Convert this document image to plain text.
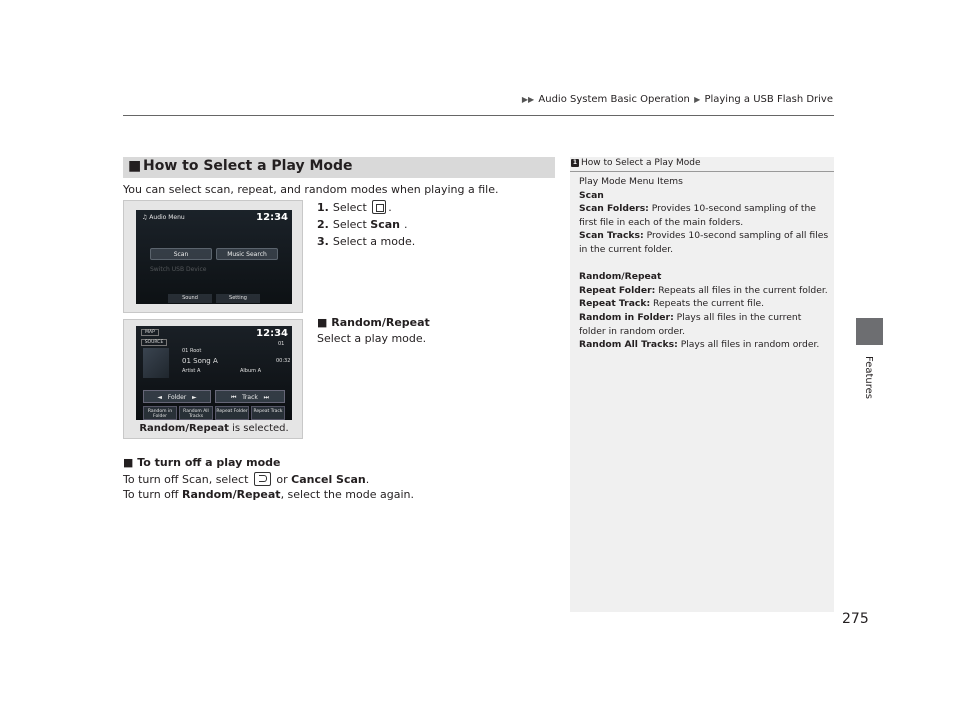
▶▶ Audio System Basic Operation ▶ Playing a USB Flash Drive
Features
275
■ How to Select a Play Mode
You can select scan, repeat, and random modes when playing a file.
1. Select .
2. Select Scan .
3. Select a mode.
♫ Audio Menu	12:34
Scan	Music Search
Switch USB Device
Sound	Setting
MAP	12:34
SOURCE
01 Root
01 Song A
Artist A	Album A
01
00:32
◄   Folder   ►	⏮   Track   ⏭
Random in Folder
Random All Tracks
Repeat Folder	Repeat Track
Random/Repeat is selected.
■ Random/Repeat
Select a play mode.
■ To turn off a play mode
To turn off Scan, select  or Cancel Scan.
To turn off Random/Repeat, select the mode again.
1 How to Select a Play Mode

Play Mode Menu Items

Scan

Scan Folders: Provides 10-second sampling of the

first file in each of the main folders.

Scan Tracks: Provides 10-second sampling of all files

in the current folder.

Random/Repeat

Repeat Folder: Repeats all files in the current folder.

Repeat Track: Repeats the current file.

Random in Folder: Plays all files in the current

folder in random order.

Random All Tracks: Plays all files in random order.
